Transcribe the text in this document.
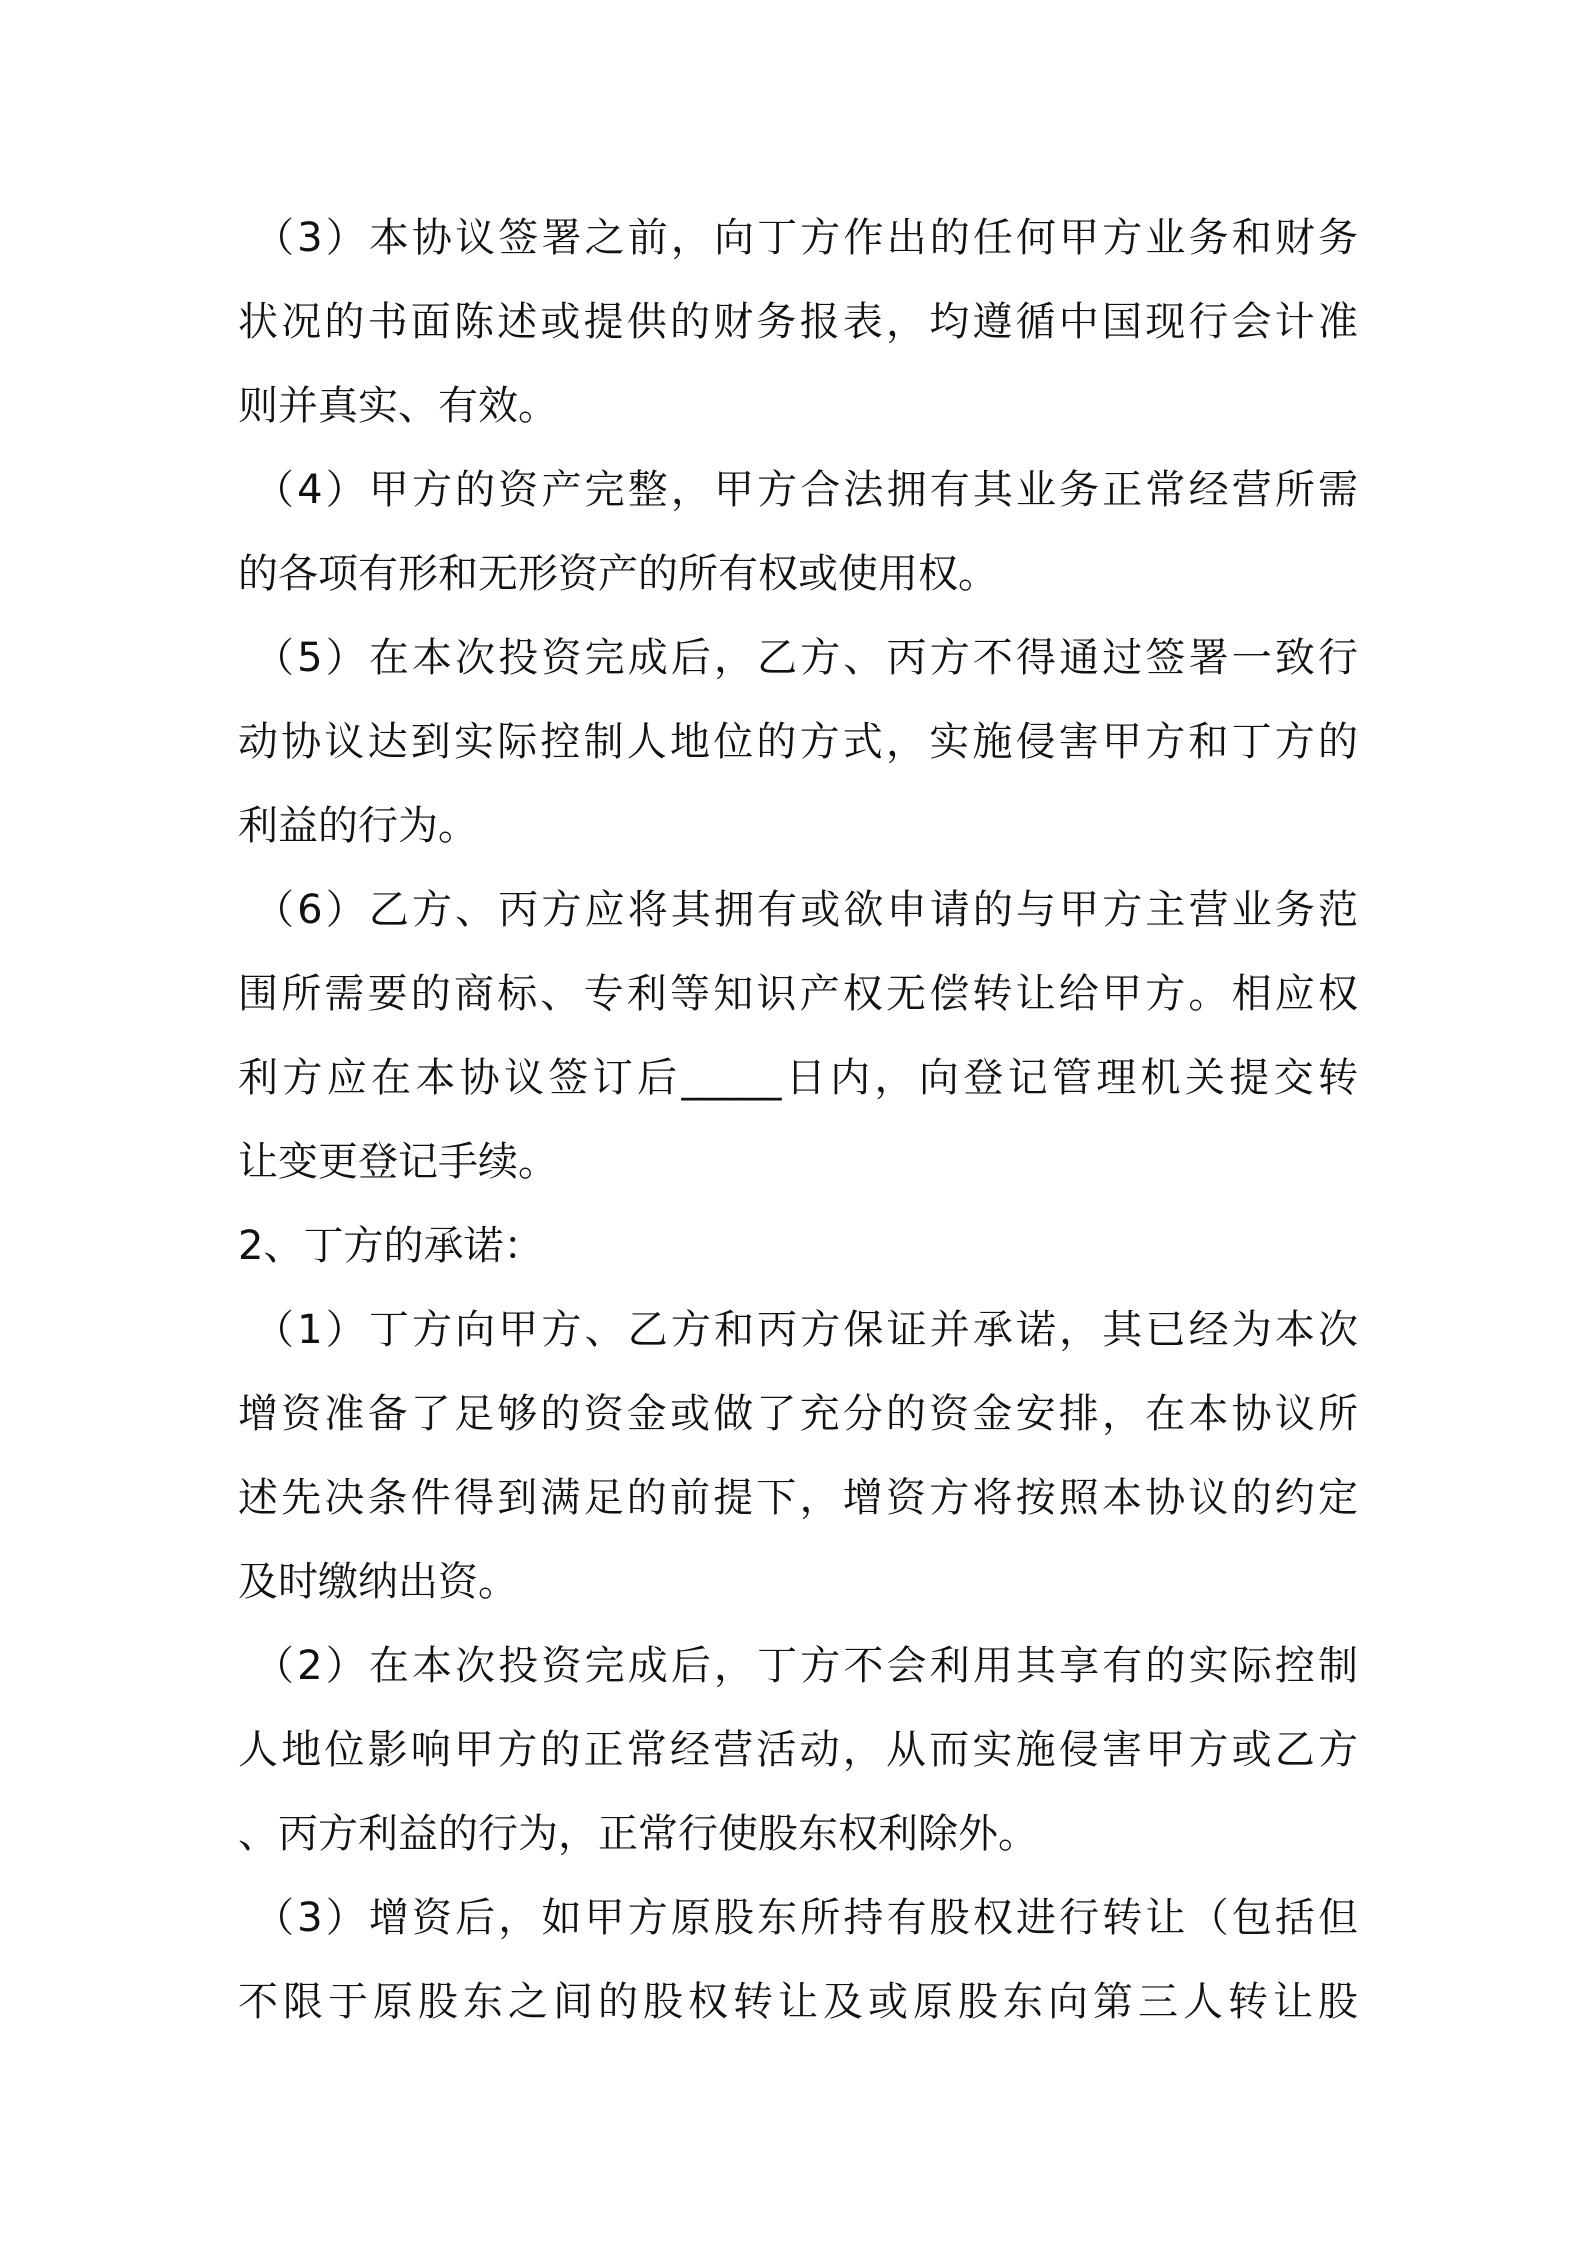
（3）本协议签署之前，向丁方作出的任何甲方业务和财务
状况的书面陈述或提供的财务报表，均遵循中国现行会计准
则并真实、有效。
（4）甲方的资产完整，甲方合法拥有其业务正常经营所需
的各项有形和无形资产的所有权或使用权。
（5）在本次投资完成后，乙方、丙方不得通过签署一致行
动协议达到实际控制人地位的方式，实施侵害甲方和丁方的
利益的行为。
（6）乙方、丙方应将其拥有或欲申请的与甲方主营业务范
围所需要的商标、专利等知识产权无偿转让给甲方。相应权
利方应在本协议签订后_____日内，向登记管理机关提交转
让变更登记手续。
2、丁方的承诺：
（1）丁方向甲方、乙方和丙方保证并承诺，其已经为本次
增资准备了足够的资金或做了充分的资金安排，在本协议所
述先决条件得到满足的前提下，增资方将按照本协议的约定
及时缴纳出资。
（2）在本次投资完成后，丁方不会利用其享有的实际控制
人地位影响甲方的正常经营活动，从而实施侵害甲方或乙方
、丙方利益的行为，正常行使股东权利除外。
（3）增资后，如甲方原股东所持有股权进行转让（包括但
不限于原股东之间的股权转让及或原股东向第三人转让股
